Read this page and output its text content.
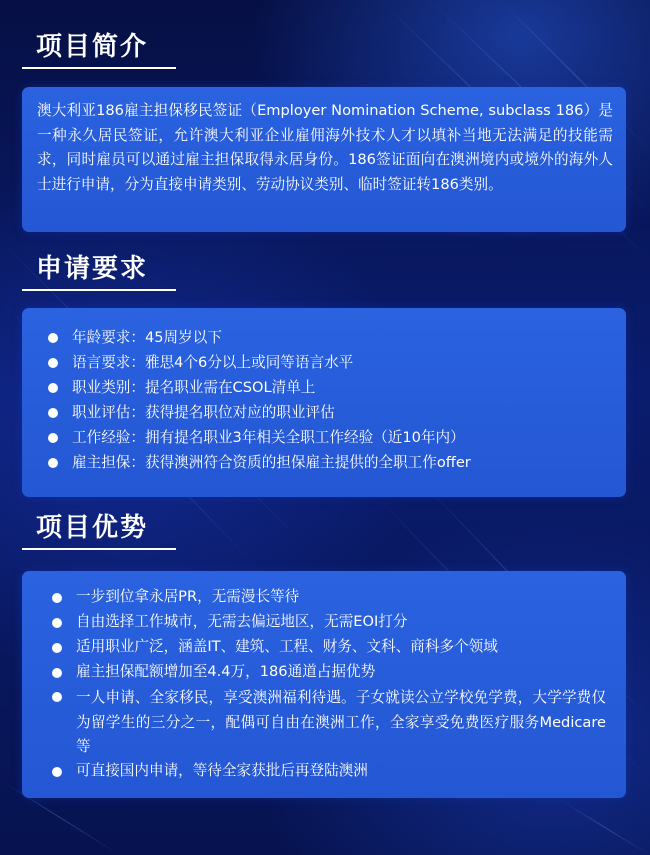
项目简介

澳大利亚186雇主担保移民签证（Employer Nomination Scheme, subclass 186）是一种永久居民签证，允许澳大利亚企业雇佣海外技术人才以填补当地无法满足的技能需求，同时雇员可以通过雇主担保取得永居身份。186签证面向在澳洲境内或境外的海外人士进行申请，分为直接申请类别、劳动协议类别、临时签证转186类别。

申请要求
年龄要求：45周岁以下
语言要求：雅思4个6分以上或同等语言水平
职业类别：提名职业需在CSOL清单上
职业评估：获得提名职位对应的职业评估
工作经验：拥有提名职业3年相关全职工作经验（近10年内）
雇主担保：获得澳洲符合资质的担保雇主提供的全职工作offer
项目优势
一步到位拿永居PR，无需漫长等待
自由选择工作城市，无需去偏远地区，无需EOI打分
适用职业广泛，涵盖IT、建筑、工程、财务、文科、商科多个领域
雇主担保配额增加至4.4万，186通道占据优势
一人申请、全家移民，享受澳洲福利待遇。子女就读公立学校免学费，大学学费仅为留学生的三分之一，配偶可自由在澳洲工作，全家享受免费医疗服务Medicare等
可直接国内申请，等待全家获批后再登陆澳洲
